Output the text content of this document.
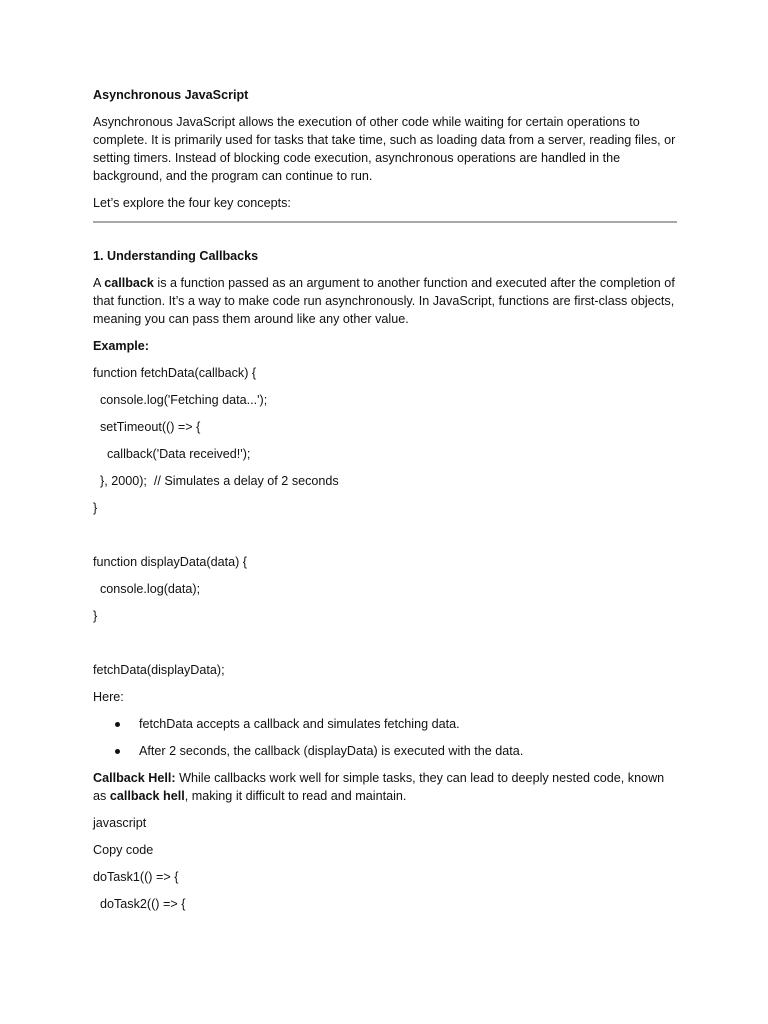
Asynchronous JavaScript

Asynchronous JavaScript allows the execution of other code while waiting for certain operations to complete. It is primarily used for tasks that take time, such as loading data from a server, reading files, or setting timers. Instead of blocking code execution, asynchronous operations are handled in the background, and the program can continue to run.

Let’s explore the four key concepts:

1. Understanding Callbacks

A callback is a function passed as an argument to another function and executed after the completion of that function. It’s a way to make code run asynchronously. In JavaScript, functions are first-class objects, meaning you can pass them around like any other value.

Example:

function fetchData(callback) {
console.log('Fetching data...');
setTimeout(() => {
callback('Data received!');
}, 2000);  // Simulates a delay of 2 seconds
}
function displayData(data) {
console.log(data);
}
fetchData(displayData);

Here:

fetchData accepts a callback and simulates fetching data.
After 2 seconds, the callback (displayData) is executed with the data.

Callback Hell: While callbacks work well for simple tasks, they can lead to deeply nested code, known as callback hell, making it difficult to read and maintain.

javascript

Copy code

doTask1(() => {
doTask2(() => {
